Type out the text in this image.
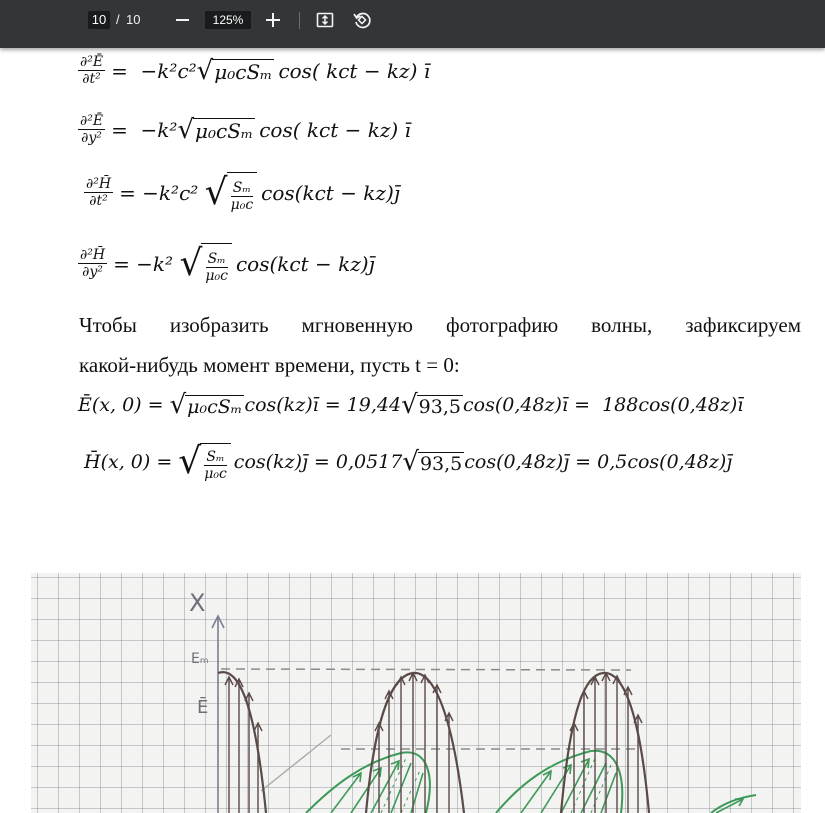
10 / 10	125%
$\frac{\text{∂²Ē}}{\text{∂t²}} = -k^2c^2$ √ μ₀cSₘ cos( kct − kz) ī
$\frac{\text{∂²Ē}}{\text{∂y²}} = -k^2$ √ μ₀cSₘ cos( kct − kz) ī
$\frac{\text{∂²H̄}}{\text{∂t²}} = -k^2c^2$ √ $\frac{\text{Sₘ}}{\text{μ₀c}} \cos(kct$ − kz)j̄
$\frac{\text{∂²H̄}}{\text{∂y²}} = -k^2$ √ $\frac{\text{Sₘ}}{\text{μ₀c}} \cos(kct$ − kz)j̄
Чтобы изобразить мгновенную фотографию волны, зафиксируем
какой-нибудь момент времени, пусть t = 0:
Ē(x, 0) = √ μ₀cSₘ cos(kz)ī = 19,44 √ 93,5 cos(0,48z)ī =  188cos(0,48z)ī
H̄(x, 0) = √ $\frac{\text{Sₘ}}{\text{μ₀c}}$ cos(kz)j̄ = 0,0517 √ 93,5 cos(0,48z)j̄ = 0,5cos(0,48z)j̄
X
Eₘ
Ē
